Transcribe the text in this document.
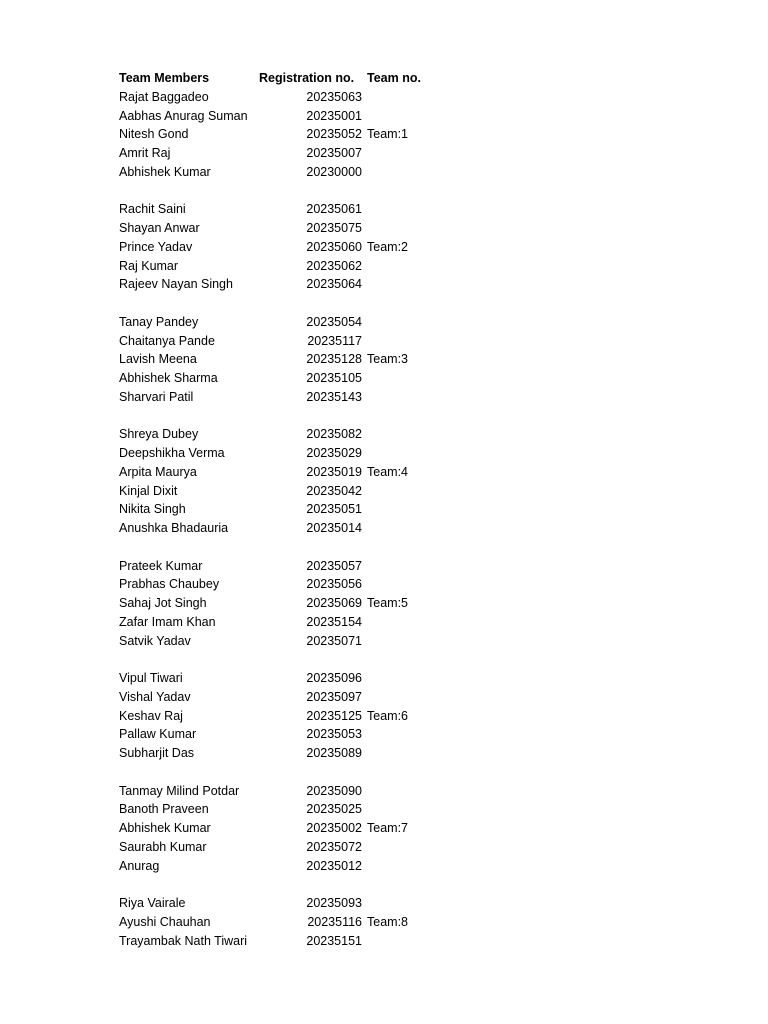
Team Members	Registration no. Team no.
Rajat Baggadeo	20235063
Aabhas Anurag Suman	20235001
Nitesh Gond	20235052 Team:1
Amrit Raj	20235007
Abhishek Kumar	20230000
Rachit Saini	20235061
Shayan Anwar	20235075
Prince Yadav	20235060 Team:2
Raj Kumar	20235062
Rajeev Nayan Singh	20235064
Tanay Pandey	20235054
Chaitanya Pande	20235117
Lavish Meena	20235128 Team:3
Abhishek Sharma	20235105
Sharvari Patil	20235143
Shreya Dubey	20235082
Deepshikha Verma	20235029
Arpita Maurya	20235019 Team:4
Kinjal Dixit	20235042
Nikita Singh	20235051
Anushka Bhadauria	20235014
Prateek Kumar	20235057
Prabhas Chaubey	20235056
Sahaj Jot Singh	20235069 Team:5
Zafar Imam Khan	20235154
Satvik Yadav	20235071
Vipul Tiwari	20235096
Vishal Yadav	20235097
Keshav Raj	20235125 Team:6
Pallaw Kumar	20235053
Subharjit Das	20235089
Tanmay Milind Potdar	20235090
Banoth Praveen	20235025
Abhishek Kumar	20235002 Team:7
Saurabh Kumar	20235072
Anurag	20235012
Riya Vairale	20235093
Ayushi Chauhan	20235116 Team:8
Trayambak Nath Tiwari	20235151
